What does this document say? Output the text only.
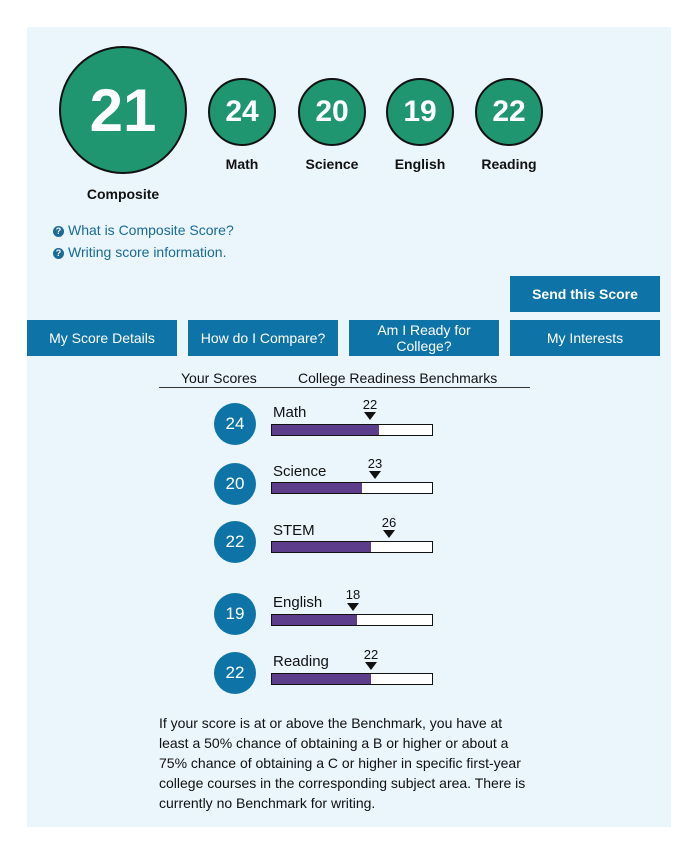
21
Composite
24
Math
20
Science
19
English
22
Reading
? What is Composite Score?
? Writing score information.
Send this Score
My Score Details	How do I Compare?	Am I Ready for College?	My Interests
Your Scores	College Readiness Benchmarks
24
Math	22
20
Science	23
22
STEM	26
19
English	18
22
Reading	22
If your score is at or above the Benchmark, you have at least a 50% chance of obtaining a B or higher or about a 75% chance of obtaining a C or higher in specific first-year college courses in the corresponding subject area. There is currently no Benchmark for writing.
